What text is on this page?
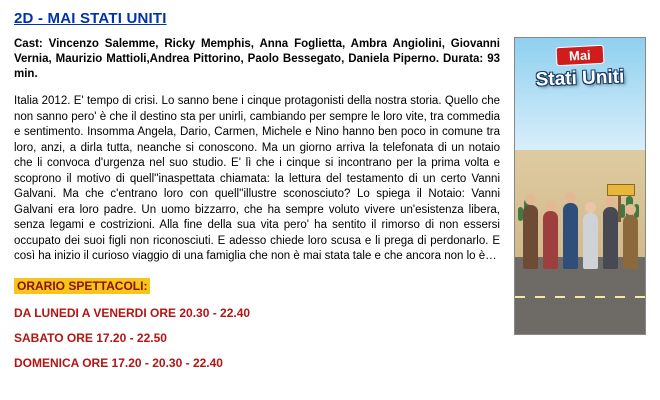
2D - MAI STATI UNITI
Mai
Stati Uniti

Cast: Vincenzo Salemme, Ricky Memphis, Anna Foglietta, Ambra Angiolini, Giovanni Vernia, Maurizio Mattioli,Andrea Pittorino, Paolo Bessegato, Daniela Piperno. Durata: 93 min.

Italia 2012. E' tempo di crisi. Lo sanno bene i cinque protagonisti della nostra storia. Quello che non sanno pero' è che il destino sta per unirli, cambiando per sempre le loro vite, tra commedia e sentimento. Insomma Angela, Dario, Carmen, Michele e Nino hanno ben poco in comune tra loro, anzi, a dirla tutta, neanche si conoscono. Ma un giorno arriva la telefonata di un notaio che li convoca d'urgenza nel suo studio. E' lì che i cinque si incontrano per la prima volta e scoprono il motivo di quell''inaspettata chiamata: la lettura del testamento di un certo Vanni Galvani. Ma che c'entrano loro con quell''illustre sconosciuto? Lo spiega il Notaio: Vanni Galvani era loro padre. Un uomo bizzarro, che ha sempre voluto vivere un'esistenza libera, senza legami e costrizioni. Alla fine della sua vita pero' ha sentito il rimorso di non essersi occupato dei suoi figli non riconosciuti. E adesso chiede loro scusa e li prega di perdonarlo. E così ha inizio il curioso viaggio di una famiglia che non è mai stata tale e che ancora non lo è…

ORARIO SPETTACOLI:
DA LUNEDI A VENERDI ORE 20.30 - 22.40
SABATO ORE 17.20 - 22.50
DOMENICA ORE 17.20 - 20.30 - 22.40
